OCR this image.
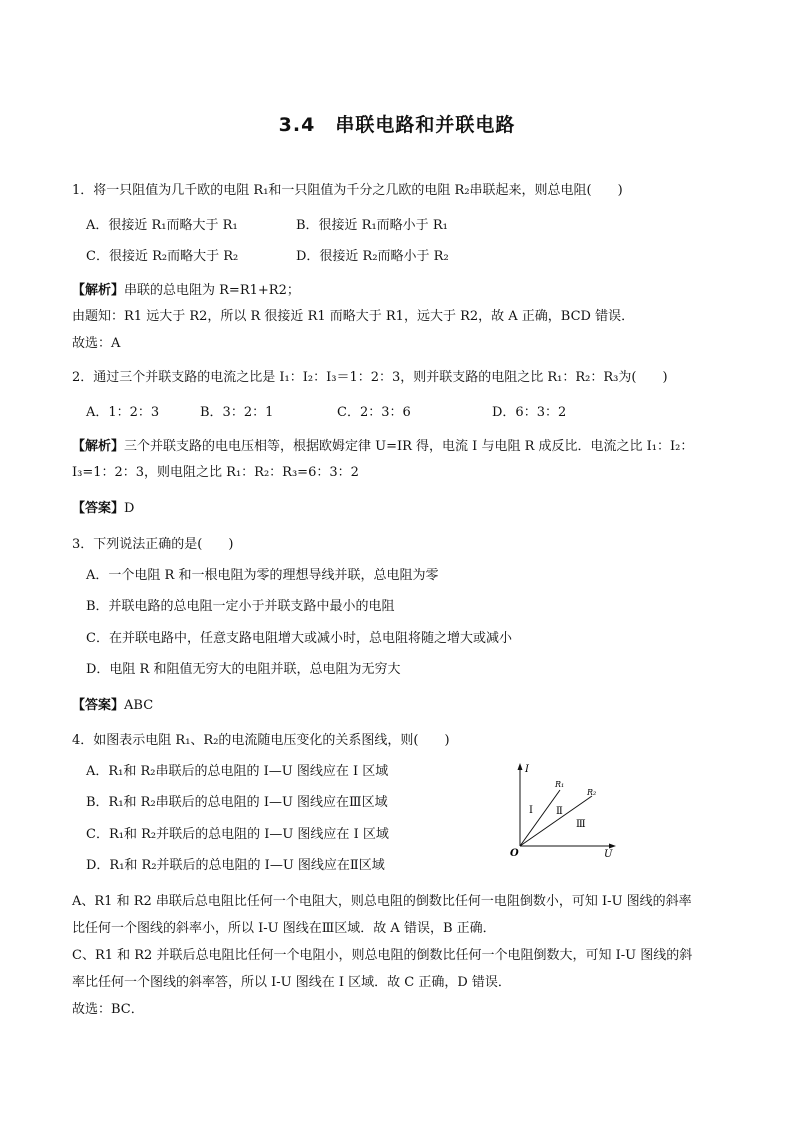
3.4　串联电路和并联电路
1．将一只阻值为几千欧的电阻 R₁和一只阻值为千分之几欧的电阻 R₂串联起来，则总电阻(　　)
A．很接近 R₁而略大于 R₁	B．很接近 R₁而略小于 R₁
C．很接近 R₂而略大于 R₂	D．很接近 R₂而略小于 R₂
【解析】串联的总电阻为 R=R1+R2；
由题知：R1 远大于 R2，所以 R 很接近 R1 而略大于 R1，远大于 R2，故 A 正确，BCD 错误．
故选：A
2．通过三个并联支路的电流之比是 I₁：I₂：I₃＝1：2：3，则并联支路的电阻之比 R₁：R₂：R₃为(　　)
A．1：2：3	B．3：2：1	C．2：3：6	D．6：3：2
【解析】三个并联支路的电电压相等，根据欧姆定律 U=IR 得，电流 I 与电阻 R 成反比．电流之比 I₁：I₂：
I₃=1：2：3，则电阻之比 R₁：R₂：R₃=6：3：2
【答案】D
3．下列说法正确的是(　　)
A．一个电阻 R 和一根电阻为零的理想导线并联，总电阻为零
B．并联电路的总电阻一定小于并联支路中最小的电阻
C．在并联电路中，任意支路电阻增大或减小时，总电阻将随之增大或减小
D．电阻 R 和阻值无穷大的电阻并联，总电阻为无穷大
【答案】ABC
4．如图表示电阻 R₁、R₂的电流随电压变化的关系图线，则(　　)
A．R₁和 R₂串联后的总电阻的 I—U 图线应在 I 区域
B．R₁和 R₂串联后的总电阻的 I—U 图线应在Ⅲ区域
C．R₁和 R₂并联后的总电阻的 I—U 图线应在 I 区域
D．R₁和 R₂并联后的总电阻的 I—U 图线应在Ⅱ区域
I
U
O
R₁
R₂
Ⅰ Ⅱ
Ⅲ
A、R1 和 R2 串联后总电阻比任何一个电阻大，则总电阻的倒数比任何一电阻倒数小，可知 I-U 图线的斜率
比任何一个图线的斜率小，所以 I-U 图线在Ⅲ区域．故 A 错误，B 正确．
C、R1 和 R2 并联后总电阻比任何一个电阻小，则总电阻的倒数比任何一个电阻倒数大，可知 I-U 图线的斜
率比任何一个图线的斜率答，所以 I-U 图线在 I 区域．故 C 正确，D 错误．
故选：BC．
